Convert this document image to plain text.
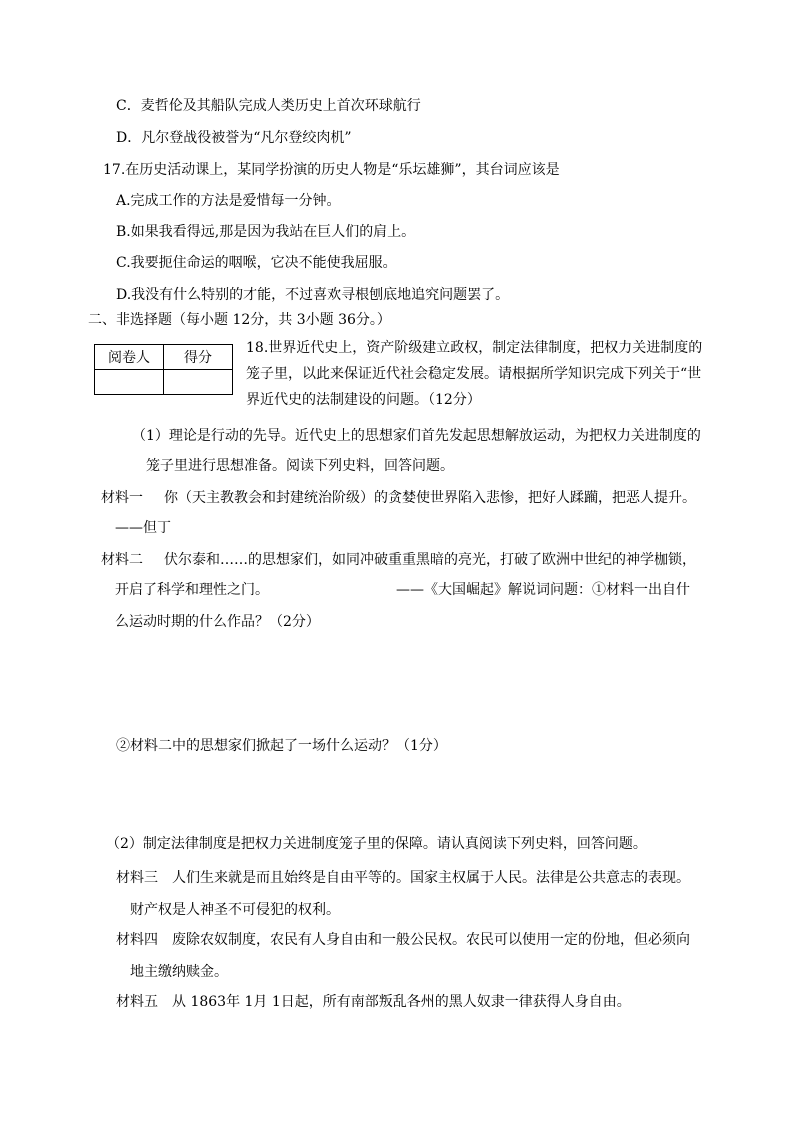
C．麦哲伦及其船队完成人类历史上首次环球航行
D．凡尔登战役被誉为“凡尔登绞肉机”
17.在历史活动课上，某同学扮演的历史人物是“乐坛雄狮”，其台词应该是
A.完成工作的方法是爱惜每一分钟。
B.如果我看得远,那是因为我站在巨人们的肩上。
C.我要扼住命运的咽喉，它决不能使我屈服。
D.我没有什么特别的才能，不过喜欢寻根刨底地追究问题罢了。
二、非选择题（每小题 12分，共 3小题 36分。）
阅卷人	得分

18.世界近代史上，资产阶级建立政权，制定法律制度，把权力关进制度的
笼子里，以此来保证近代社会稳定发展。请根据所学知识完成下列关于“世
界近代史的法制建设的问题。（12分）
（1）理论是行动的先导。近代史上的思想家们首先发起思想解放运动，为把权力关进制度的
笼子里进行思想准备。阅读下列史料，回答问题。
材料一 你（天主教教会和封建统治阶级）的贪婪使世界陷入悲惨，把好人蹂躏，把恶人提升。
——但丁
材料二 伏尔泰和……的思想家们，如同冲破重重黑暗的亮光，打破了欧洲中世纪的神学枷锁，
开启了科学和理性之门。	——《大国崛起》解说词问题：①材料一出自什
么运动时期的什么作品？（2分）
②材料二中的思想家们掀起了一场什么运动？（1分）
（2）制定法律制度是把权力关进制度笼子里的保障。请认真阅读下列史料，回答问题。
材料三 人们生来就是而且始终是自由平等的。国家主权属于人民。法律是公共意志的表现。
财产权是人神圣不可侵犯的权利。
材料四 废除农奴制度，农民有人身自由和一般公民权。农民可以使用一定的份地，但必须向
地主缴纳赎金。
材料五 从 1863年 1月 1日起，所有南部叛乱各州的黑人奴隶一律获得人身自由。
